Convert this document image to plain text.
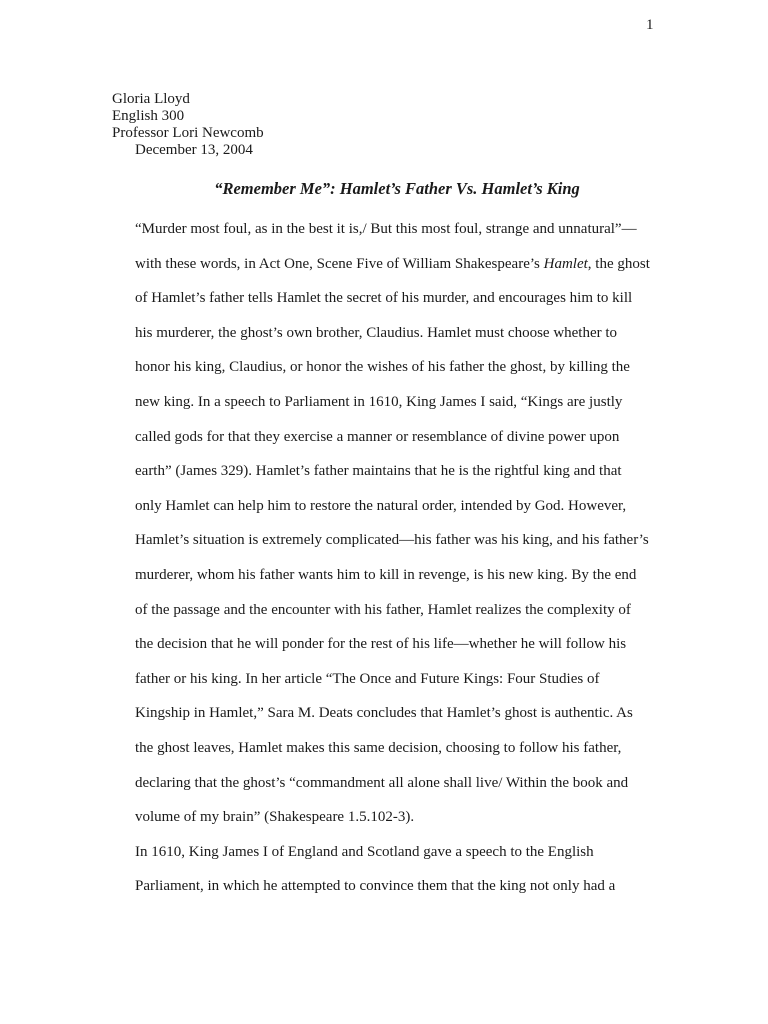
1
Gloria Lloyd
English 300
Professor Lori Newcomb
December 13, 2004
“Remember Me”: Hamlet’s Father Vs. Hamlet’s King
“Murder most foul, as in the best it is,/ But this most foul, strange and unnatural”—
with these words, in Act One, Scene Five of William Shakespeare’s Hamlet, the ghost
of Hamlet’s father tells Hamlet the secret of his murder, and encourages him to kill
his murderer, the ghost’s own brother, Claudius. Hamlet must choose whether to
honor his king, Claudius, or honor the wishes of his father the ghost, by killing the
new king. In a speech to Parliament in 1610, King James I said, “Kings are justly
called gods for that they exercise a manner or resemblance of divine power upon
earth” (James 329). Hamlet’s father maintains that he is the rightful king and that
only Hamlet can help him to restore the natural order, intended by God. However,
Hamlet’s situation is extremely complicated—his father was his king, and his father’s
murderer, whom his father wants him to kill in revenge, is his new king. By the end
of the passage and the encounter with his father, Hamlet realizes the complexity of
the decision that he will ponder for the rest of his life—whether he will follow his
father or his king. In her article “The Once and Future Kings: Four Studies of
Kingship in Hamlet,” Sara M. Deats concludes that Hamlet’s ghost is authentic. As
the ghost leaves, Hamlet makes this same decision, choosing to follow his father,
declaring that the ghost’s “commandment all alone shall live/ Within the book and
volume of my brain” (Shakespeare 1.5.102-3).
In 1610, King James I of England and Scotland gave a speech to the English
Parliament, in which he attempted to convince them that the king not only had a
